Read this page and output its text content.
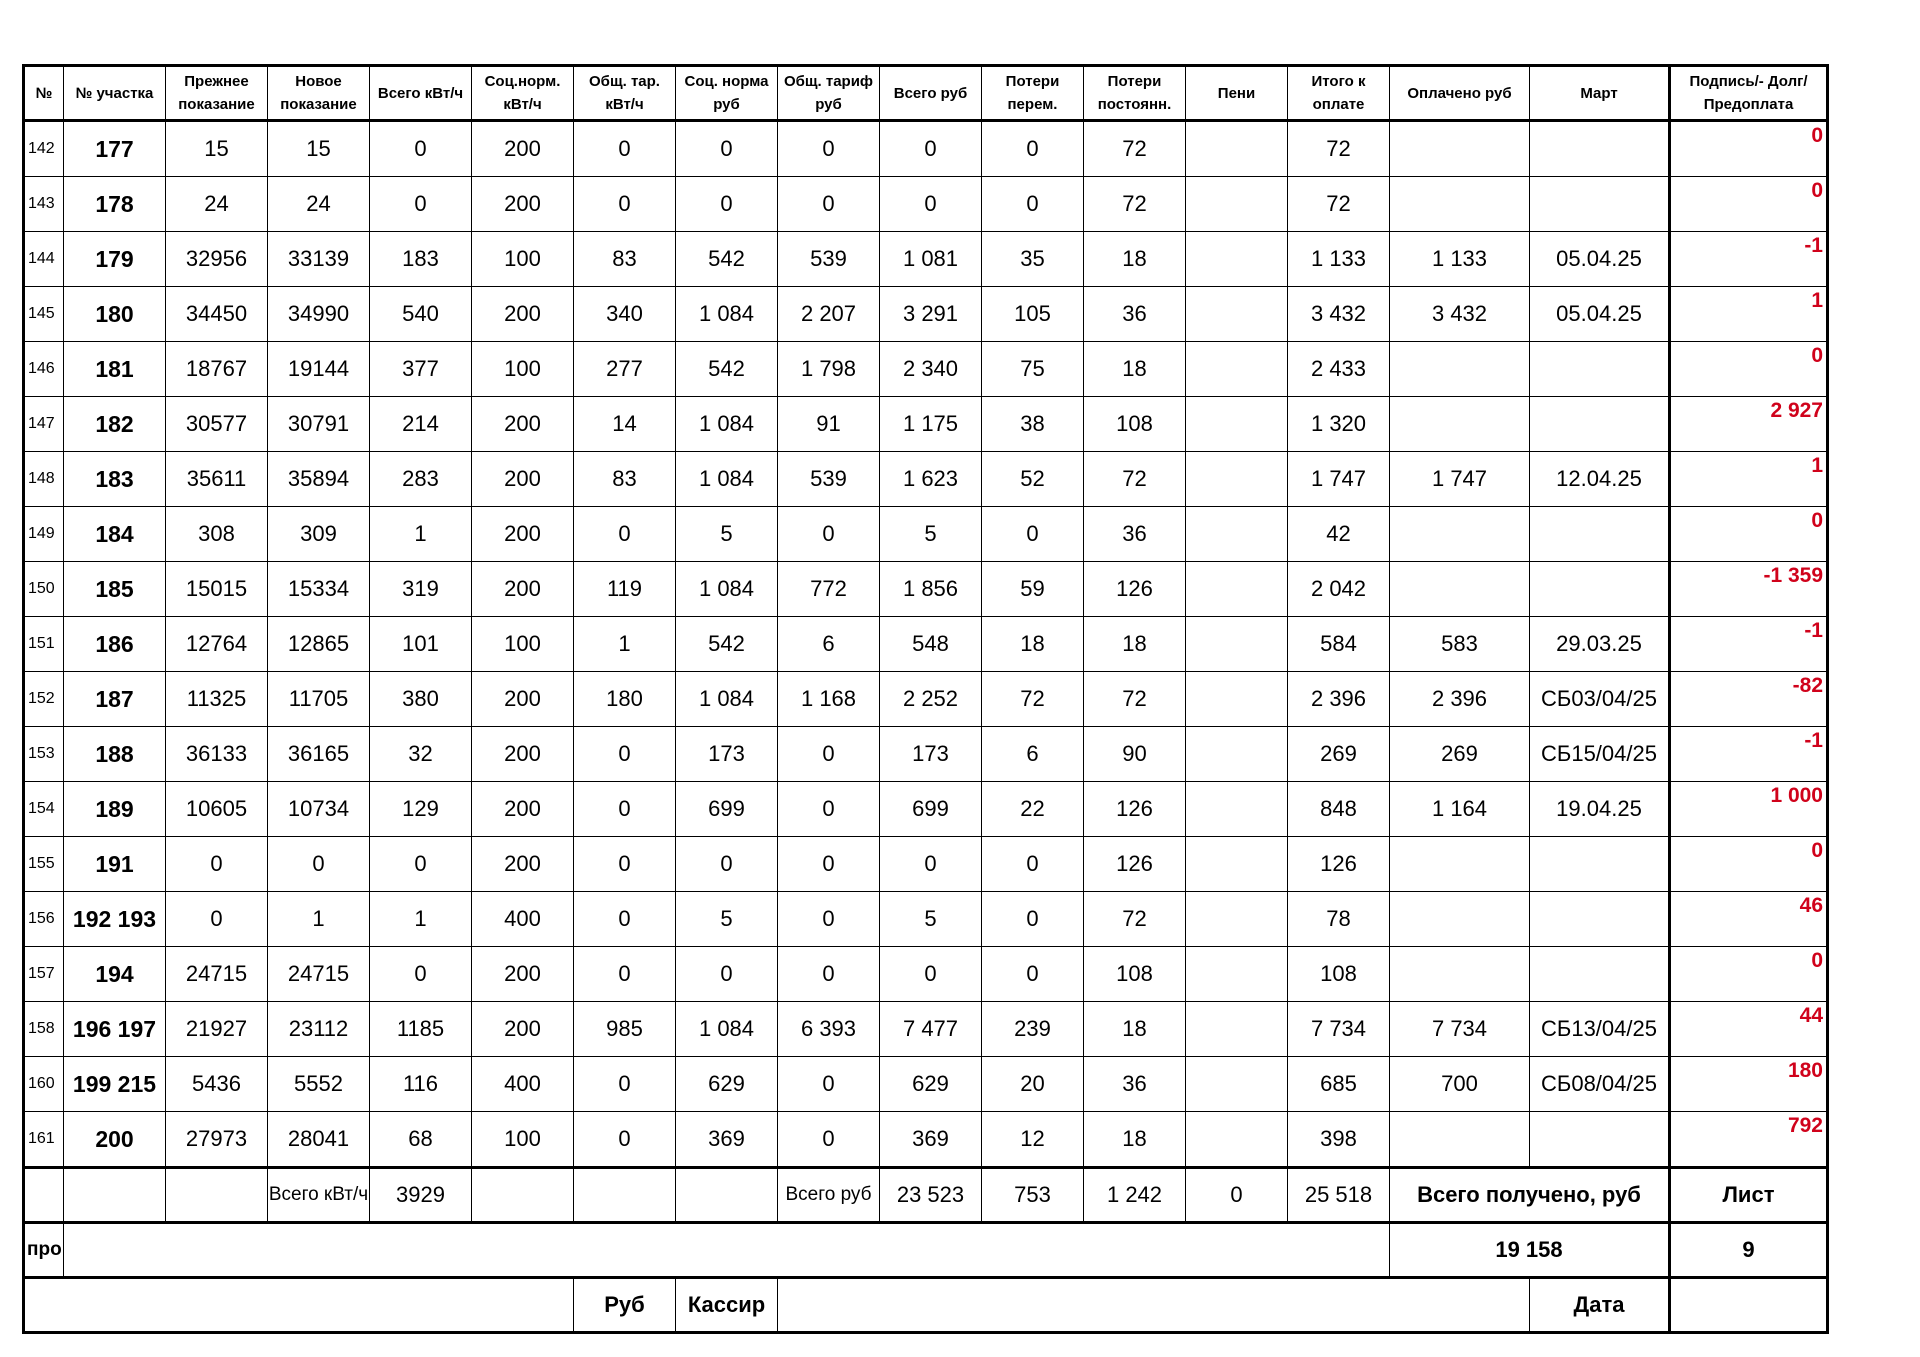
№	№ участка	Прежнее показание	Новое показание	Всего кВт/ч	Соц.норм. кВт/ч	Общ. тар. кВт/ч	Соц. норма руб	Общ. тариф руб	Всего руб	Потери перем.	Потери постоянн.	Пени	Итого к оплате	Оплачено руб	Март	Подпись/- Долг/Предоплата
142	177	15	15	0	200	0	0	0	0	0	72		72			0
143	178	24	24	0	200	0	0	0	0	0	72		72			0
144	179	32956	33139	183	100	83	542	539	1 081	35	18		1 133	1 133	05.04.25	-1
145	180	34450	34990	540	200	340	1 084	2 207	3 291	105	36		3 432	3 432	05.04.25	1
146	181	18767	19144	377	100	277	542	1 798	2 340	75	18		2 433			0
147	182	30577	30791	214	200	14	1 084	91	1 175	38	108		1 320			2 927
148	183	35611	35894	283	200	83	1 084	539	1 623	52	72		1 747	1 747	12.04.25	1
149	184	308	309	1	200	0	5	0	5	0	36		42			0
150	185	15015	15334	319	200	119	1 084	772	1 856	59	126		2 042			-1 359
151	186	12764	12865	101	100	1	542	6	548	18	18		584	583	29.03.25	-1
152	187	11325	11705	380	200	180	1 084	1 168	2 252	72	72		2 396	2 396	СБ03/04/25	-82
153	188	36133	36165	32	200	0	173	0	173	6	90		269	269	СБ15/04/25	-1
154	189	10605	10734	129	200	0	699	0	699	22	126		848	1 164	19.04.25	1 000
155	191	0	0	0	200	0	0	0	0	0	126		126			0
156	192 193	0	1	1	400	0	5	0	5	0	72		78			46
157	194	24715	24715	0	200	0	0	0	0	0	108		108			0
158	196 197	21927	23112	1185	200	985	1 084	6 393	7 477	239	18		7 734	7 734	СБ13/04/25	44
160	199 215	5436	5552	116	400	0	629	0	629	20	36		685	700	СБ08/04/25	180
161	200	27973	28041	68	100	0	369	0	369	12	18		398			792
			Всего кВт/ч	3929				Всего руб	23 523	753	1 242	0	25 518	Всего получено, руб		Лист
про														19 158		9
						Руб	Кассир								Дата	
